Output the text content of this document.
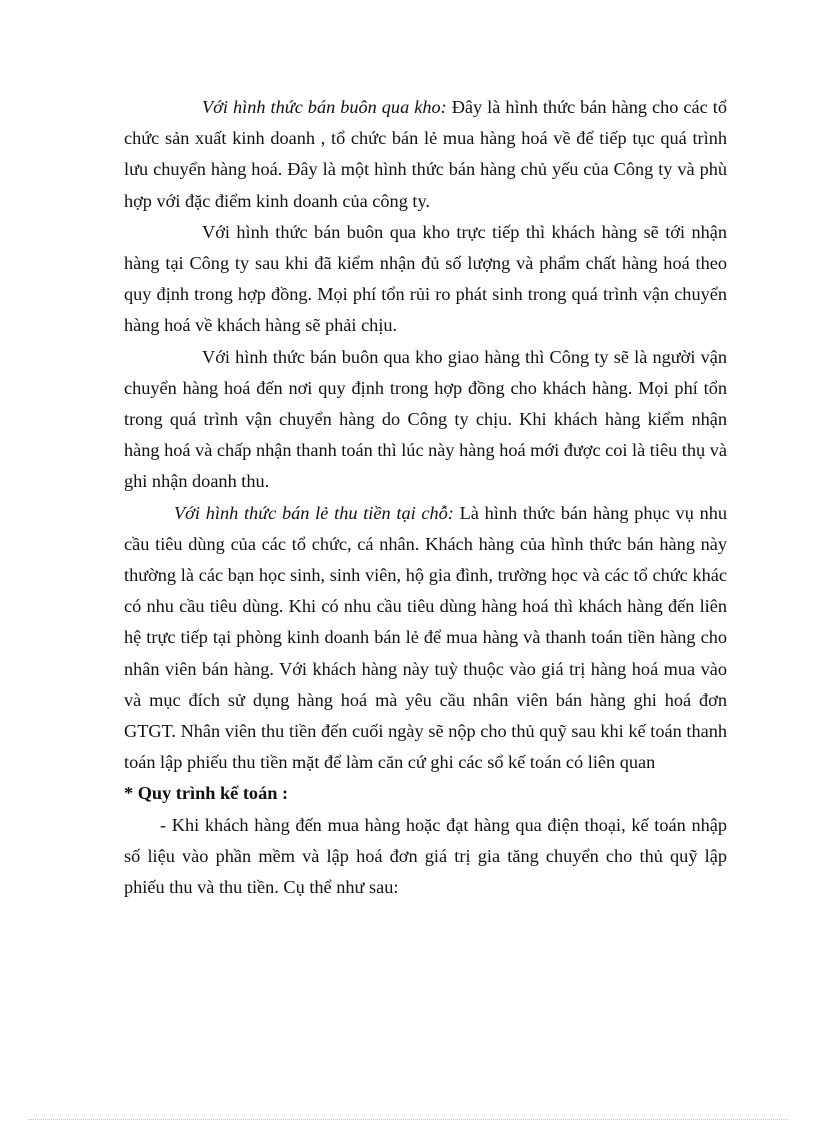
Với hình thức bán buôn qua kho: Đây là hình thức bán hàng cho các tổ chức sản xuất kinh doanh , tổ chức bán lẻ mua hàng hoá về để tiếp tục quá trình lưu chuyển hàng hoá. Đây là một hình thức bán hàng chủ yếu của Công ty và phù hợp với đặc điểm kinh doanh của công ty.

Với hình thức bán buôn qua kho trực tiếp thì khách hàng sẽ tới nhận hàng tại Công ty sau khi đã kiểm nhận đủ số lượng và phẩm chất hàng hoá theo quy định trong hợp đồng. Mọi phí tổn rủi ro phát sinh trong quá trình vận chuyển hàng hoá về khách hàng sẽ phải chịu.

Với hình thức bán buôn qua kho giao hàng thì Công ty sẽ là người vận chuyển hàng hoá đến nơi quy định trong hợp đồng cho khách hàng. Mọi phí tổn trong quá trình vận chuyển hàng do Công ty chịu. Khi khách hàng kiểm nhận hàng hoá và chấp nhận thanh toán thì lúc này hàng hoá mới được coi là tiêu thụ và ghi nhận doanh thu.

Với hình thức bán lẻ thu tiền tại chỗ: Là hình thức bán hàng phục vụ nhu cầu tiêu dùng của các tổ chức, cá nhân. Khách hàng của hình thức bán hàng này thường là các bạn học sinh, sinh viên, hộ gia đình, trường học và các tổ chức khác có nhu cầu tiêu dùng. Khi có nhu cầu tiêu dùng hàng hoá thì khách hàng đến liên hệ trực tiếp tại phòng kinh doanh bán lẻ để mua hàng và thanh toán tiền hàng cho nhân viên bán hàng. Với khách hàng này tuỳ thuộc vào giá trị hàng hoá mua vào và mục đích sử dụng hàng hoá mà yêu cầu nhân viên bán hàng ghi hoá đơn GTGT. Nhân viên thu tiền đến cuối ngày sẽ nộp cho thủ quỹ sau khi kế toán thanh toán lập phiếu thu tiền mặt để làm căn cứ ghi các sổ kế toán có liên quan

* Quy trình kế toán :

- Khi khách hàng đến mua hàng hoặc đạt hàng qua điện thoại, kế toán nhập số liệu vào phần mềm và lập hoá đơn giá trị gia tăng chuyển cho thủ quỹ lập phiếu thu và thu tiền. Cụ thể như sau:
